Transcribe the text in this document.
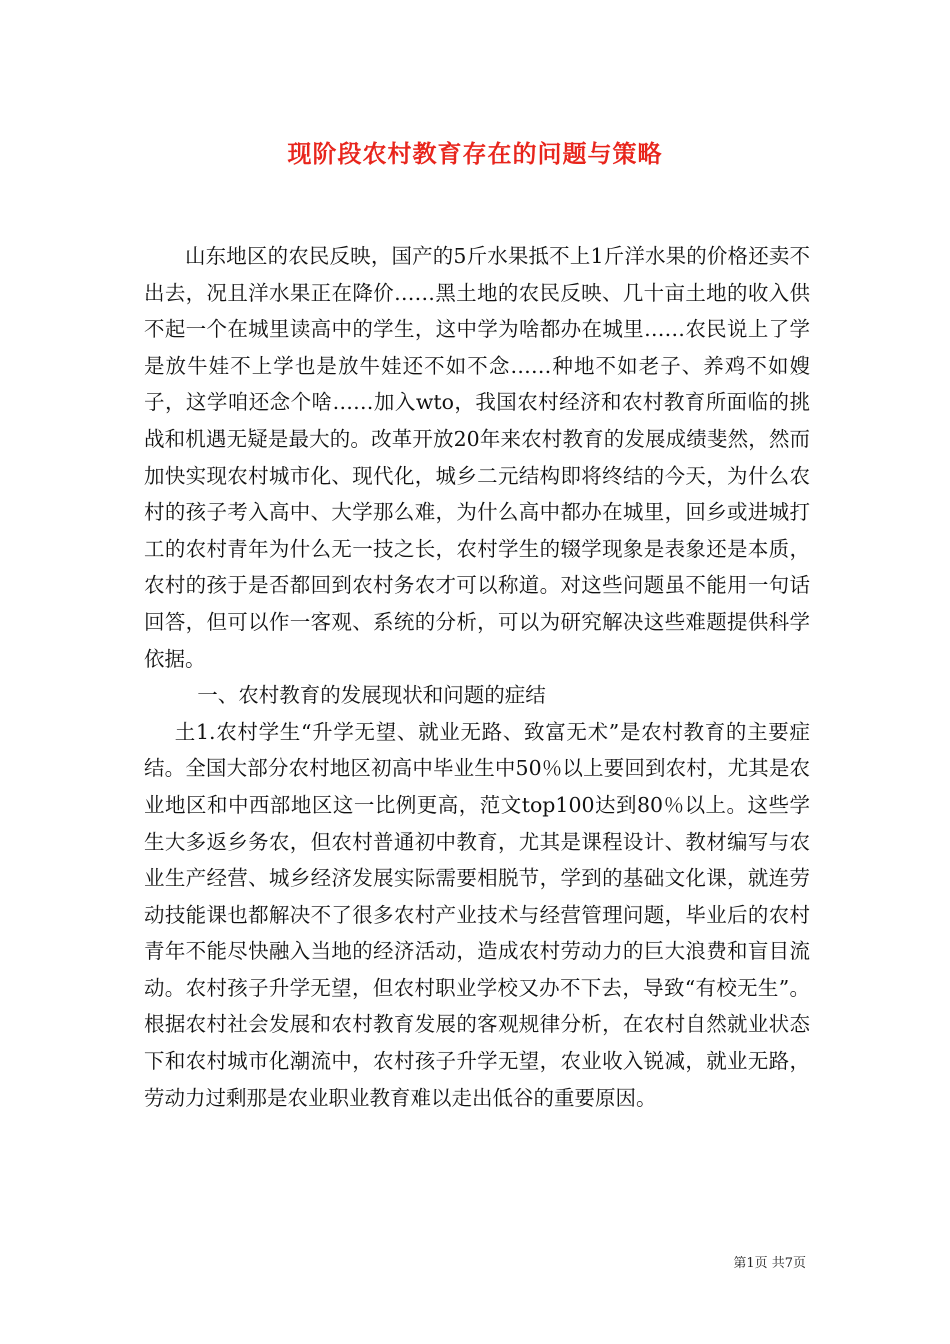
现阶段农村教育存在的问题与策略

山东地区的农民反映，国产的5斤水果抵不上1斤洋水果的价格还卖不出去，况且洋水果正在降价……黑土地的农民反映、几十亩土地的收入供不起一个在城里读高中的学生，这中学为啥都办在城里……农民说上了学是放牛娃不上学也是放牛娃还不如不念……种地不如老子、养鸡不如嫂子，这学咱还念个啥……加入wto，我国农村经济和农村教育所面临的挑战和机遇无疑是最大的。改革开放20年来农村教育的发展成绩斐然，然而加快实现农村城市化、现代化，城乡二元结构即将终结的今天，为什么农村的孩子考入高中、大学那么难，为什么高中都办在城里，回乡或进城打工的农村青年为什么无一技之长，农村学生的辍学现象是表象还是本质，农村的孩于是否都回到农村务农才可以称道。对这些问题虽不能用一句话回答，但可以作一客观、系统的分析，可以为研究解决这些难题提供科学依据。

一、农村教育的发展现状和问题的症结

土1.农村学生“升学无望、就业无路、致富无术”是农村教育的主要症结。全国大部分农村地区初高中毕业生中50％以上要回到农村，尤其是农业地区和中西部地区这一比例更高，范文top100达到80％以上。这些学生大多返乡务农，但农村普通初中教育，尤其是课程设计、教材编写与农业生产经营、城乡经济发展实际需要相脱节，学到的基础文化课，就连劳动技能课也都解决不了很多农村产业技术与经营管理问题，毕业后的农村青年不能尽快融入当地的经济活动，造成农村劳动力的巨大浪费和盲目流动。农村孩子升学无望，但农村职业学校又办不下去，导致“有校无生”。根据农村社会发展和农村教育发展的客观规律分析，在农村自然就业状态下和农村城市化潮流中，农村孩子升学无望，农业收入锐减，就业无路，劳动力过剩那是农业职业教育难以走出低谷的重要原因。

第1页 共7页
